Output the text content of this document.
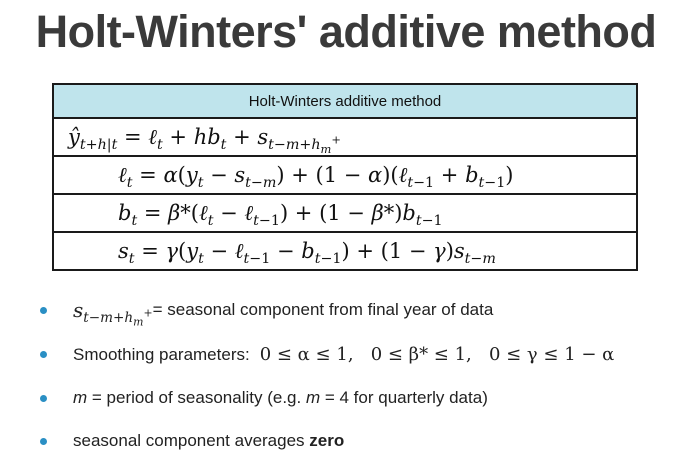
Holt-Winters' additive method
Holt-Winters additive method
$ŷ_{t+h|t}$ = ℓ$_t$ + $hb_t + s_{t-m+h_m^+}$
ℓ$_t$ = $\alpha(y_t - s_{t-m}) + (1$ − α)(ℓ$_{t-1}$ + $b_{t-1}$)
$b_t$ = β*(ℓ$_t$ − ℓ$_{t-1}$) + $(1 - \beta*)b_{t-1}$
$s_t = \gamma(y_t$ − ℓ$_{t-1}$ − $b_{t-1}) + (1 - \gamma)s_{t-m}$
$s_{t-m+h_m^+}$ = seasonal component from final year of data
Smoothing parameters: 0 ≤ α ≤ 1,   0 ≤ β* ≤ 1,   0 ≤ γ ≤ 1 − α
m = period of seasonality (e.g. m = 4 for quarterly data)
seasonal component averages zero
